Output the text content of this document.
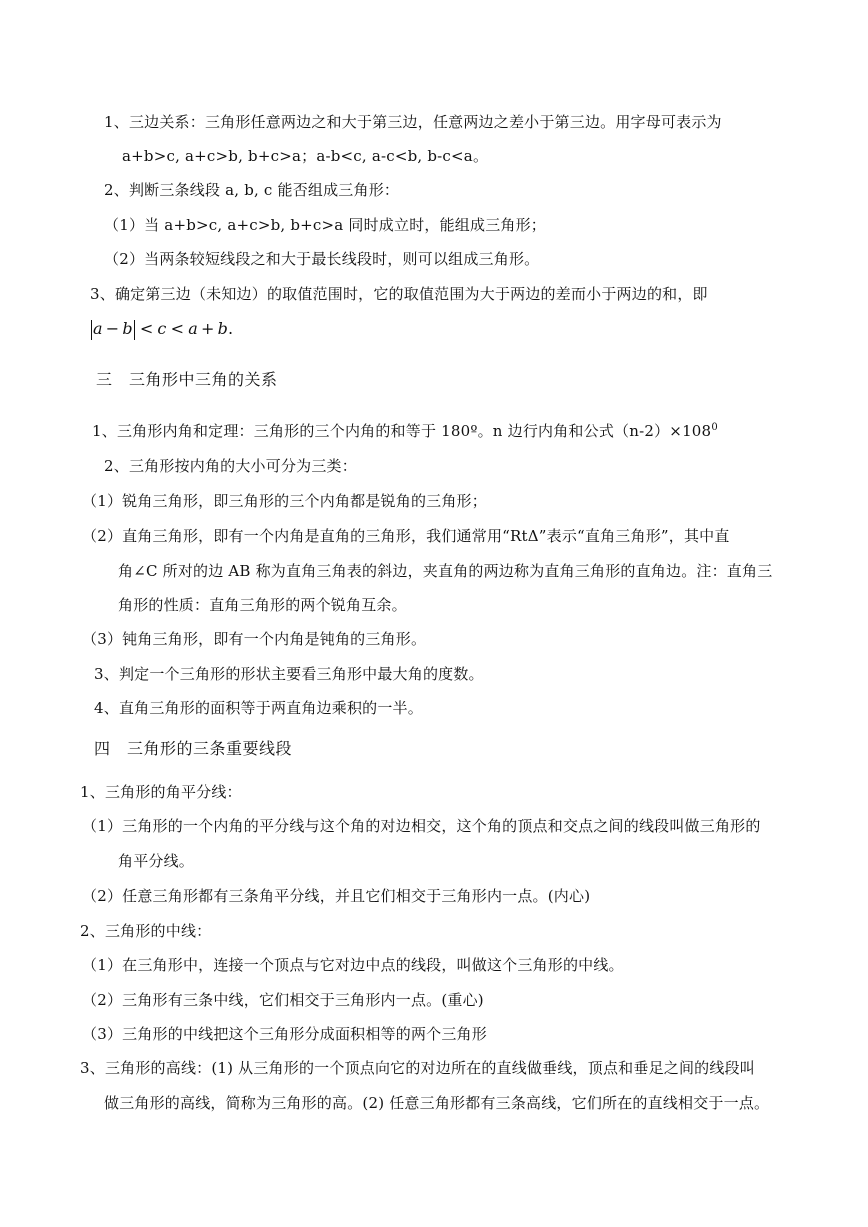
1、三边关系：三角形任意两边之和大于第三边，任意两边之差小于第三边。用字母可表示为
a+b>c, a+c>b, b+c>a；a-b<c, a-c<b, b-c<a。
2、判断三条线段 a, b, c 能否组成三角形：
（1）当 a+b>c, a+c>b, b+c>a 同时成立时，能组成三角形；
（2）当两条较短线段之和大于最长线段时，则可以组成三角形。
3、确定第三边（未知边）的取值范围时，它的取值范围为大于两边的差而小于两边的和，即
a − b < c < a + b.
三　三角形中三角的关系
1、三角形内角和定理：三角形的三个内角的和等于 180º。n 边行内角和公式$(n-2)\times 108^0$
2、三角形按内角的大小可分为三类：
（1）锐角三角形，即三角形的三个内角都是锐角的三角形；
（2）直角三角形，即有一个内角是直角的三角形，我们通常用“RtΔ”表示“直角三角形”，其中直
角∠C 所对的边 AB 称为直角三角表的斜边，夹直角的两边称为直角三角形的直角边。注：直角三
角形的性质：直角三角形的两个锐角互余。
（3）钝角三角形，即有一个内角是钝角的三角形。
3、判定一个三角形的形状主要看三角形中最大角的度数。
4、直角三角形的面积等于两直角边乘积的一半。
四　三角形的三条重要线段
1、三角形的角平分线：
（1）三角形的一个内角的平分线与这个角的对边相交，这个角的顶点和交点之间的线段叫做三角形的
角平分线。
（2）任意三角形都有三条角平分线，并且它们相交于三角形内一点。(内心)
2、三角形的中线：
（1）在三角形中，连接一个顶点与它对边中点的线段，叫做这个三角形的中线。
（2）三角形有三条中线，它们相交于三角形内一点。(重心)
（3）三角形的中线把这个三角形分成面积相等的两个三角形
3、三角形的高线：(1) 从三角形的一个顶点向它的对边所在的直线做垂线，顶点和垂足之间的线段叫
做三角形的高线，简称为三角形的高。(2) 任意三角形都有三条高线，它们所在的直线相交于一点。
